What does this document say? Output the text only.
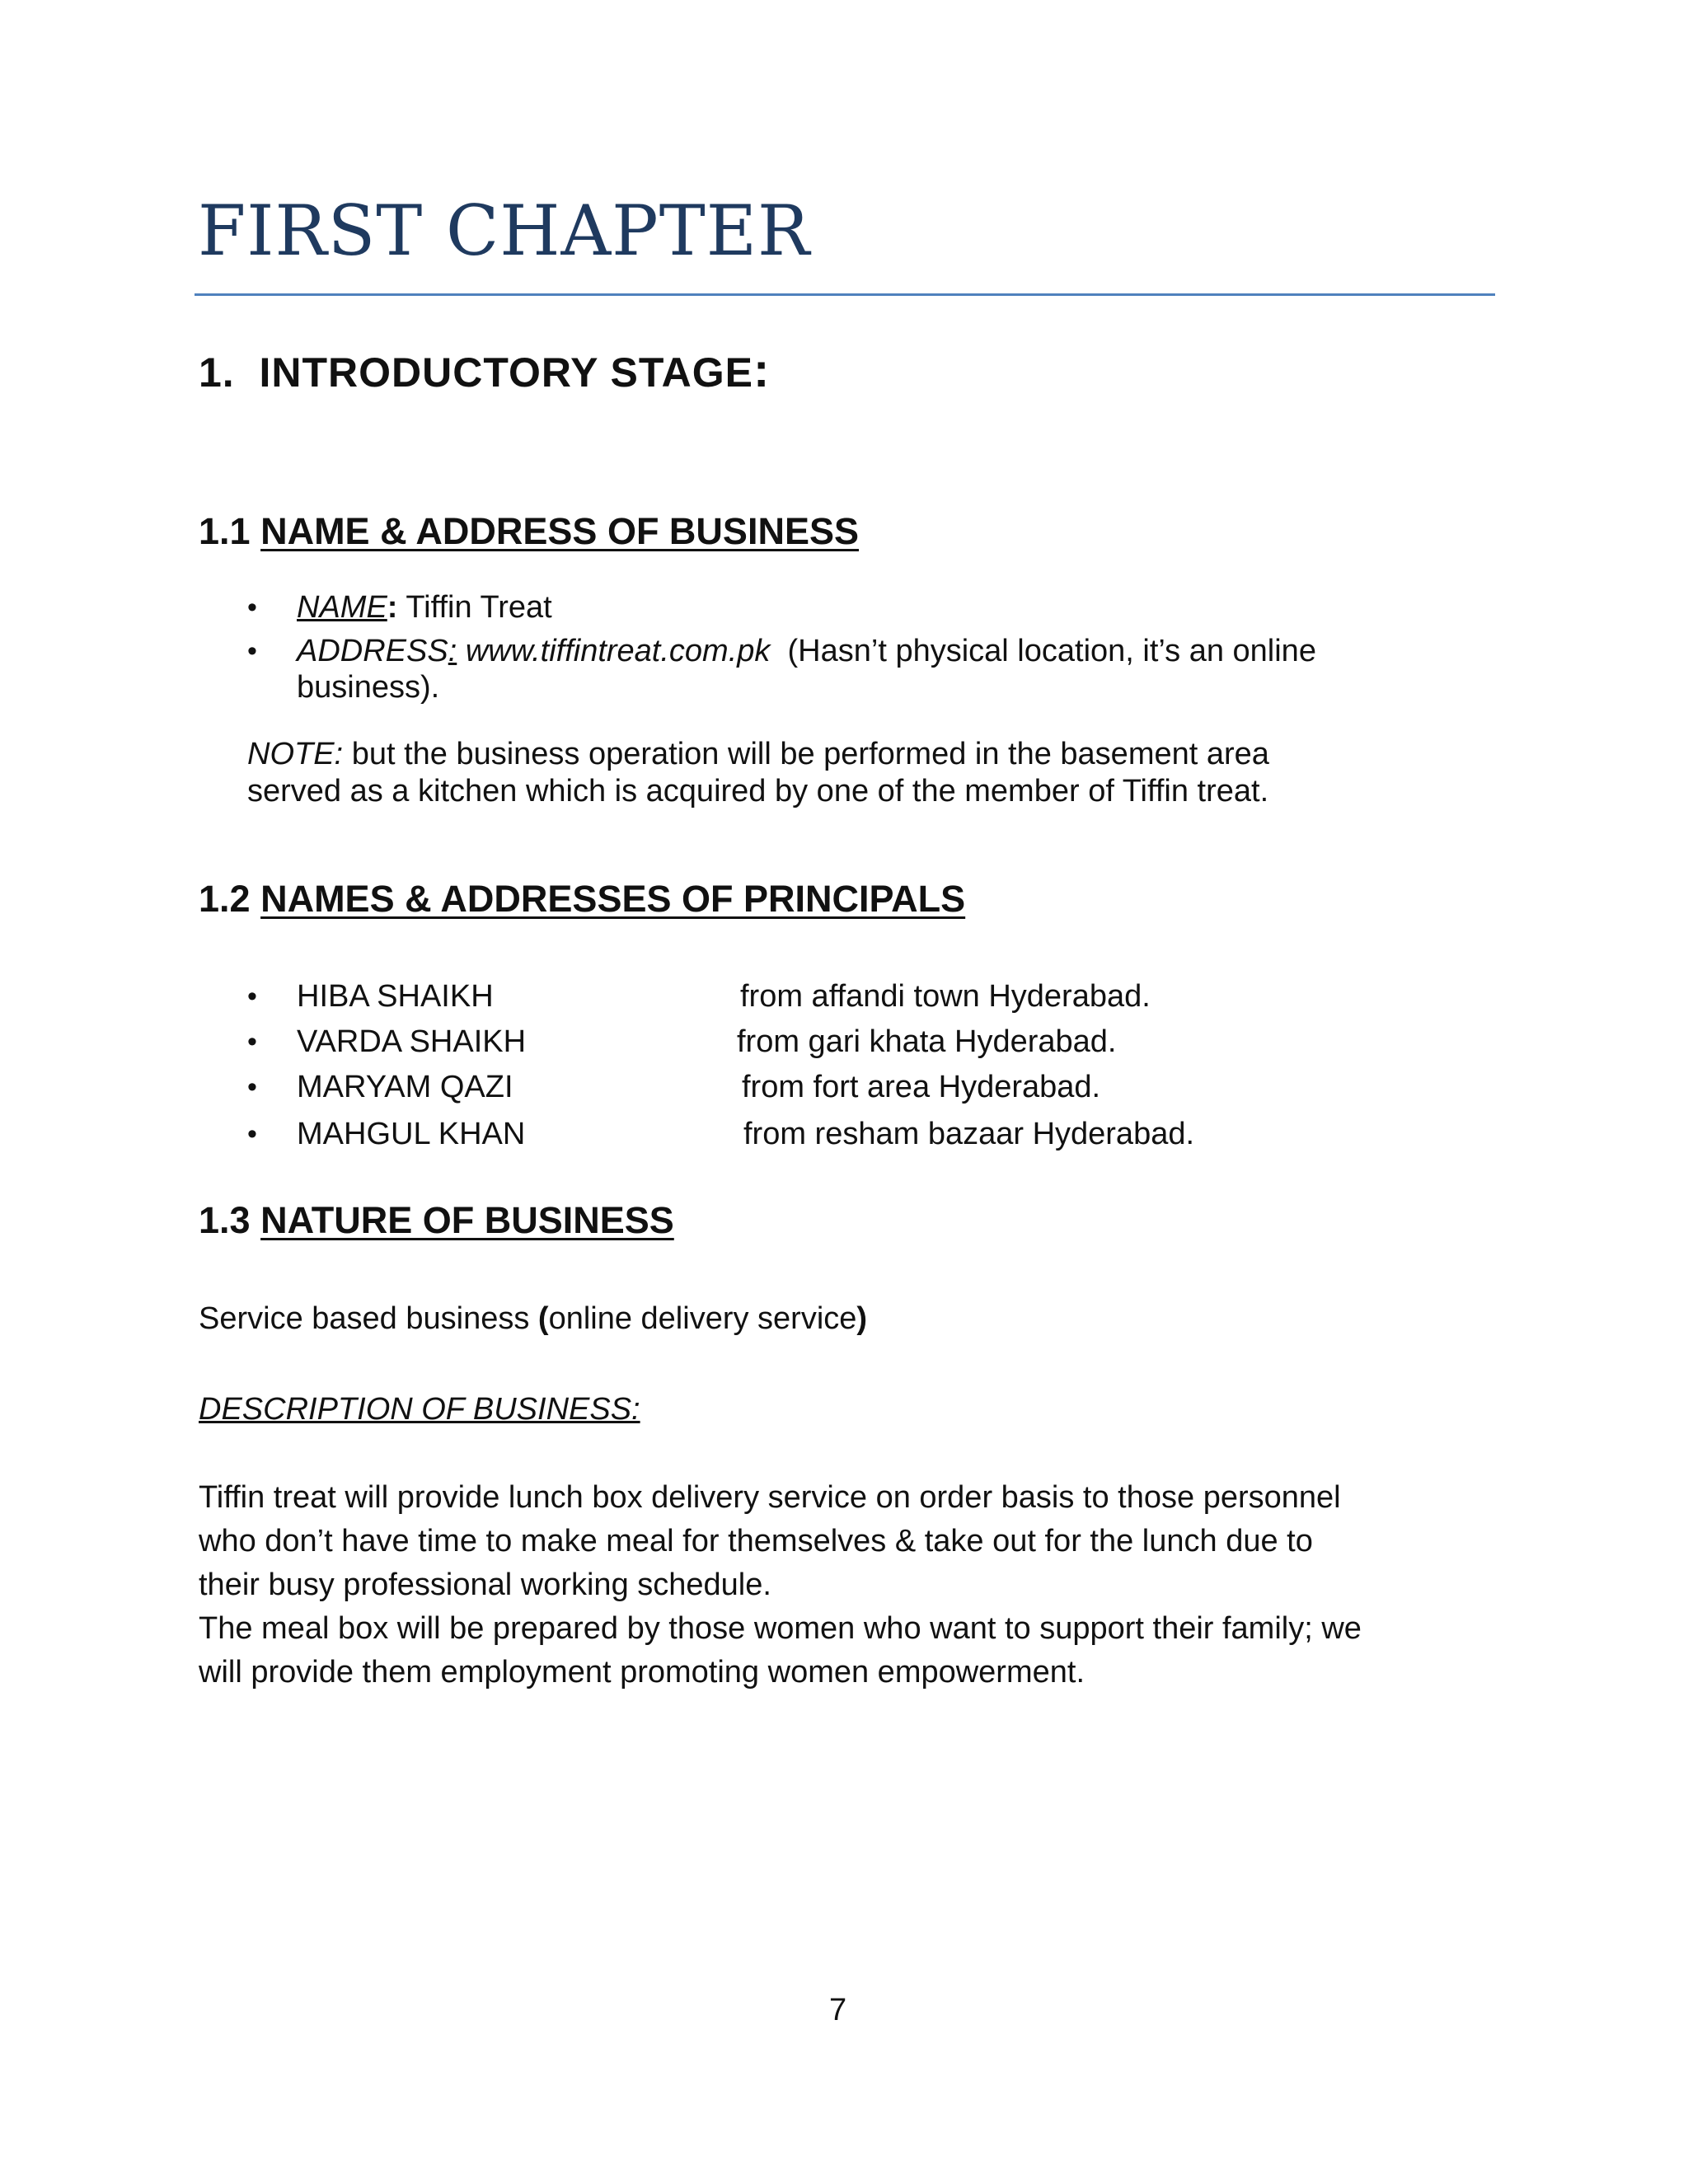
FIRST CHAPTER
1. INTRODUCTORY STAGE:
1.1 NAME & ADDRESS OF BUSINESS
• NAME: Tiffin Treat
• ADDRESS: www.tiffintreat.com.pk (Hasn’t physical location, it’s an online
business).
NOTE: but the business operation will be performed in the basement area
served as a kitchen which is acquired by one of the member of Tiffin treat.
1.2 NAMES & ADDRESSES OF PRINCIPALS
• HIBA SHAIKH	from affandi town Hyderabad.
• VARDA SHAIKH	from gari khata Hyderabad.
• MARYAM QAZI	from fort area Hyderabad.
• MAHGUL KHAN	from resham bazaar Hyderabad.
1.3 NATURE OF BUSINESS
Service based business (online delivery service)
DESCRIPTION OF BUSINESS:
Tiffin treat will provide lunch box delivery service on order basis to those personnel
who don’t have time to make meal for themselves & take out for the lunch due to
their busy professional working schedule.
The meal box will be prepared by those women who want to support their family; we
will provide them employment promoting women empowerment.
7
